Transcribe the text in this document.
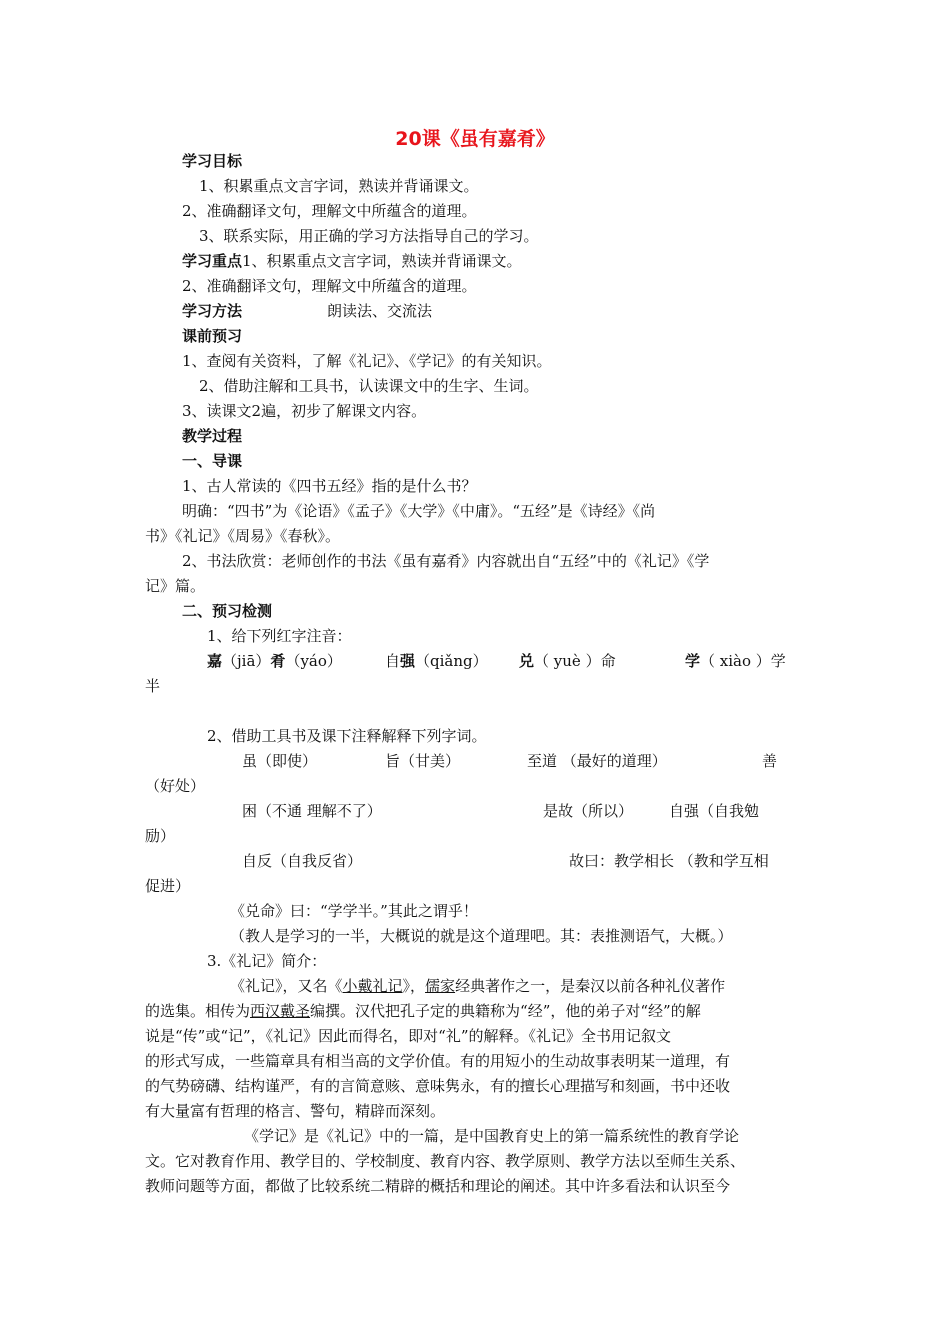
20课《虽有嘉肴》
学习目标
1、积累重点文言字词，熟读并背诵课文。
2、准确翻译文句，理解文中所蕴含的道理。
3、联系实际，用正确的学习方法指导自己的学习。
学习重点1、积累重点文言字词，熟读并背诵课文。
2、准确翻译文句，理解文中所蕴含的道理。
学习方法	朗读法、交流法
课前预习
1、查阅有关资料，了解《礼记》、《学记》的有关知识。
2、借助注解和工具书，认读课文中的生字、生词。
3、读课文2遍，初步了解课文内容。
教学过程
一、导课
1、古人常读的《四书五经》指的是什么书？
明确：“四书”为《论语》《孟子》《大学》《中庸》。“五经”是《诗经》《尚
书》《礼记》《周易》《春秋》。
2、书法欣赏：老师创作的书法《虽有嘉肴》内容就出自“五经”中的《礼记》《学
记》篇。
二、预习检测
1、给下列红字注音：
嘉（jiā）肴（yáo）	自强（qiǎng） 兑（ yuè ）命	学（ xiào ）学
半
2、借助工具书及课下注释解释下列字词。
虽（即使）	旨（甘美）	至道 （最好的道理）	善
（好处）
困（不通 理解不了）	是故（所以） 自强（自我勉
励）
自反（自我反省）	故曰：教学相长 （教和学互相
促进）
《兑命》曰：“学学半。”其此之谓乎！
（教人是学习的一半，大概说的就是这个道理吧。其：表推测语气，大概。）
3.《礼记》简介：
《礼记》，又名《小戴礼记》，儒家经典著作之一，是秦汉以前各种礼仪著作
的选集。相传为西汉戴圣编撰。汉代把孔子定的典籍称为“经”，他的弟子对“经”的解
说是“传”或“记”，《礼记》因此而得名，即对“礼”的解释。《礼记》全书用记叙文
的形式写成，一些篇章具有相当高的文学价值。有的用短小的生动故事表明某一道理，有
的气势磅礴、结构谨严，有的言简意赅、意味隽永，有的擅长心理描写和刻画，书中还收
有大量富有哲理的格言、警句，精辟而深刻。
《学记》是《礼记》中的一篇，是中国教育史上的第一篇系统性的教育学论
文。它对教育作用、教学目的、学校制度、教育内容、教学原则、教学方法以至师生关系、
教师问题等方面，都做了比较系统二精辟的概括和理论的阐述。其中许多看法和认识至今
